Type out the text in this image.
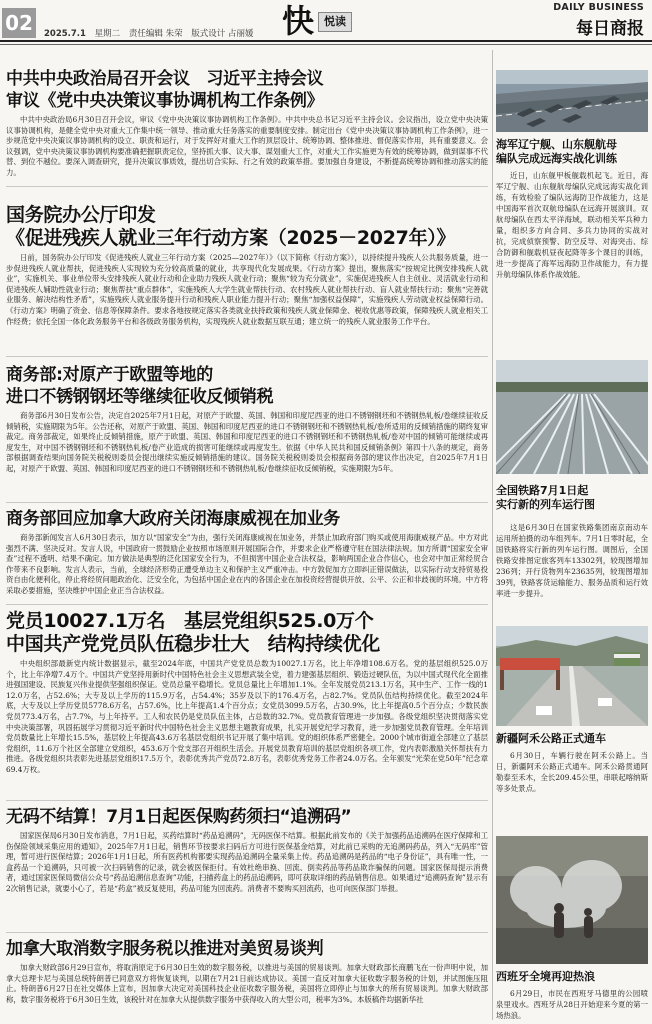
02	2025.7.1 星期二 责任编辑 朱荣 版式设计 占丽媛 快 悦读
DAILY BUSINESS
每日商报
中共中央政治局召开会议　习近平主持会议
审议《党中央决策议事协调机构工作条例》

中共中央政治局6月30日召开会议，审议《党中央决策议事协调机构工作条例》。中共中央总书记习近平主持会议。会议指出，设立党中央决策议事协调机构，是健全党中央对重大工作集中统一领导、推动重大任务落实的重要制度安排。制定出台《党中央决策议事协调机构工作条例》，进一步规范党中央决策议事协调机构的设立、职责和运行，对于发挥好对重大工作的顶层设计、统筹协调、整体推进、督促落实作用，具有重要意义。会议强调，党中央决策议事协调机构要准确把握职责定位，坚持抓大事、议大事、谋划重大工作，对重大工作实施更为有效的统筹协调，做到谋事不代替、到位不越位。要深入调查研究，提升决策议事质效，提出切合实际、行之有效的政策举措。要加强自身建设，不断提高统筹协调和推动落实的能力。

国务院办公厅印发
《促进残疾人就业三年行动方案（2025－2027年）》

日前，国务院办公厅印发《促进残疾人就业三年行动方案（2025—2027年）》（以下简称《行动方案》），以持续提升残疾人公共服务质量，进一步促进残疾人就业帮扶，促进残疾人实现较为充分较高质量的就业，共享现代化发展成果。《行动方案》提出，聚焦落实“按规定比例安排残疾人就业”，实施机关、事业单位带头安排残疾人就业行动和企业助力残疾人就业行动；聚焦“较为充分就业”，实施促进残疾人自主创业、灵活就业行动和促进残疾人辅助性就业行动；聚焦帮扶“重点群体”，实施残疾人大学生就业帮扶行动、农村残疾人就业帮扶行动、盲人就业帮扶行动；聚焦“完善就业服务、解决结构性矛盾”，实施残疾人就业服务提升行动和残疾人职业能力提升行动；聚焦“加强权益保障”，实施残疾人劳动就业权益保障行动。《行动方案》明确了资金、信息等保障条件。要求各地按规定落实各类就业扶持政策和残疾人就业保障金、税收优惠等政策，保障残疾人就业相关工作经费；依托全国一体化政务服务平台和各级政务服务机构，实现残疾人就业数据互联互通；建立统一的残疾人就业服务工作平台。

商务部:对原产于欧盟等地的
进口不锈钢钢坯等继续征收反倾销税

商务部6月30日发布公告，决定自2025年7月1日起，对原产于欧盟、英国、韩国和印度尼西亚的进口不锈钢钢坯和不锈钢热轧板/卷继续征收反倾销税，实施期限为5年。公告还称，对原产于欧盟、英国、韩国和印度尼西亚的进口不锈钢钢坯和不锈钢热轧板/卷所适用的反倾销措施的期终复审裁定。商务部裁定，如果终止反倾销措施，原产于欧盟、英国、韩国和印度尼西亚的进口不锈钢钢坯和不锈钢热轧板/卷对中国的倾销可能继续或再度发生，对中国不锈钢钢坯和不锈钢热轧板/卷产业造成的损害可能继续或再度发生。依据《中华人民共和国反倾销条例》第四十八条的规定，商务部根据调查结果向国务院关税税则委员会提出继续实施反倾销措施的建议。国务院关税税则委员会根据商务部的建议作出决定，自2025年7月1日起，对原产于欧盟、英国、韩国和印度尼西亚的进口不锈钢钢坯和不锈钢热轧板/卷继续征收反倾销税，实施期限为5年。

商务部回应加拿大政府关闭海康威视在加业务

商务部新闻发言人6月30日表示，加方以“国家安全”为由，强行关闭海康威视在加业务，并禁止加政府部门购买或使用海康威视产品。中方对此强烈不满、坚决反对。发言人说，中国政府一贯鼓励企业按照市场原则开展国际合作，并要求企业严格遵守驻在国法律法规。加方所谓“国家安全审查”过程不透明、结果不确定。加方做法是典型的泛化国家安全行为，不但损害中国企业合法权益，影响两国企业合作信心，也会对中加正常经贸合作带来不良影响。发言人表示，当前，全球经济形势正遭受单边主义和保护主义严重冲击。中方敦促加方立即纠正错误做法，以实际行动支持贸易投资自由化便利化，停止将经贸问题政治化、泛安全化，为包括中国企业在内的各国企业在加投资经营提供开放、公平、公正和非歧视的环境。中方将采取必要措施，坚决维护中国企业正当合法权益。

党员10027.1万名　基层党组织525.0万个
中国共产党党员队伍稳步壮大　结构持续优化

中央组织部最新党内统计数据显示，截至2024年底，中国共产党党员总数为10027.1万名，比上年净增108.6万名。党的基层组织525.0万个，比上年净增7.4万个。中国共产党坚持用新时代中国特色社会主义思想武装全党，着力建强基层组织、锻造过硬队伍，为以中国式现代化全面推进强国建设、民族复兴伟业提供坚强组织保证。党员总量平稳增长。党员总量比上年增加1.1%。全年发展党员213.1万名，其中生产、工作一线的112.0万名，占52.6%；大专及以上学历的115.9万名，占54.4%；35岁及以下的176.4万名，占82.7%。党员队伍结构持续优化。截至2024年底，大专及以上学历党员5778.6万名，占57.6%，比上年提高1.4个百分点；女党员3099.5万名，占30.9%，比上年提高0.5个百分点；少数民族党员773.4万名，占7.7%，与上年持平。工人和农民仍是党员队伍主体，占总数的32.7%。党员教育管理进一步加强。各级党组织坚决贯彻落实党中央决策部署，巩固拓展学习贯彻习近平新时代中国特色社会主义思想主题教育成果，扎实开展党纪学习教育，进一步加强党员教育管理。全年培训党员数量比上年增长15.5%，基层较上年提高43.6万名基层党组织书记开展了集中培训。党的组织体系严密健全。2000个城市街道全部建立了基层党组织，11.6万个社区全部建立党组织，453.6万个党支部召开组织生活会。开展党员教育培训的基层党组织各项工作，党内表彰激励关怀帮扶有力推进。各级党组织共表彰先进基层党组织17.5万个，表彰优秀共产党员72.8万名，表彰优秀党务工作者24.0万名。全年颁发“光荣在党50年”纪念章69.4万枚。

无码不结算！7月1日起医保购药须扫“追溯码”

国家医保局6月30日发布消息，7月1日起，买药结算时“药品追溯码”，无码医保不结算。根据此前发布的《关于加强药品追溯码在医疗保障和工伤保险领域采集应用的通知》，2025年7月1日起，销售环节按要求扫码后方可进行医保基金结算，对此前已采购的无追溯码药品，列入“无码库”管理，暂可进行医保结算；2026年1月1日起，所有医药机构都要实现药品追溯码全量采集上传。药品追溯码是药品的“电子身份证”，具有唯一性，一盒药品一个追溯码，只可被一次扫码销售的记录，就会被医保拒付。有效杜绝串换、回流、倒卖药品等药品欺诈骗保的问题。国家医保局提示消费者，通过国家医保局微信公众号“药品追溯信息查询”功能，扫描药盒上的药品追溯码，即可获取详细的药品销售信息。如果通过“追溯码查询”显示有2次销售记录，就要小心了，若是“药盒”被反复使用，药品可能为回流药。消费者不要购买回流药，也可向医保部门举报。

加拿大取消数字服务税以推进对美贸易谈判

加拿大财政部6月29日宣布，将取消原定于6月30日生效的数字服务税，以推进与美国的贸易谈判。加拿大财政部长商鹏飞在一份声明中说，加拿大总理卡尼与美国总统特朗普已同意双方将恢复谈判，以期在7月21日前达成协议。美国一直反对加拿大征收数字服务税的计划，并试图施压阻止。特朗普6月27日在社交媒体上宣布，因加拿大决定对美国科技企业征收数字服务税，美国将立即停止与加拿大的所有贸易谈判。加拿大财政部称，数字服务税将于6月30日生效，该税针对在加拿大从提供数字服务中获得收入的大型公司，税率为3%。本版稿件均据新华社

海军辽宁舰、山东舰航母
编队完成远海实战化训练

近日，山东舰甲板舰载机起飞。近日，海军辽宁舰、山东舰航母编队完成远海实战化训练，有效检验了编队远海防卫作战能力，这是中国海军首次双航母编队在远海开展演训。双航母编队在西太平洋海域，联动相关军兵种力量，组织多方向合同、多兵力协同的实战对抗，完成侦察预警、防空反导、对海突击、综合防御和舰载机昼夜起降等多个课目的训练，进一步提高了海军远海防卫作战能力，有力提升航母编队体系作战效能。

全国铁路7月1日起
实行新的列车运行图

这是6月30日在国家铁路集团南京南动车运用所拍摄的动车组列车。7月1日零时起，全国铁路将实行新的列车运行图。调图后，全国铁路安排图定旅客列车13302列，较现图增加236列；开行货物列车23635列，较现图增加39列，铁路客货运输能力、服务品质和运行效率进一步提升。

新疆阿禾公路正式通车

6月30日，车辆行驶在阿禾公路上。当日，新疆阿禾公路正式通车。阿禾公路贯通阿勒泰至禾木，全长209.45公里，串联起喀纳斯等多处景点。

西班牙全境再迎热浪

6月29日，市民在西班牙马德里的公园喷泉里戏水。西班牙从28日开始迎来今夏的第一场热浪。
